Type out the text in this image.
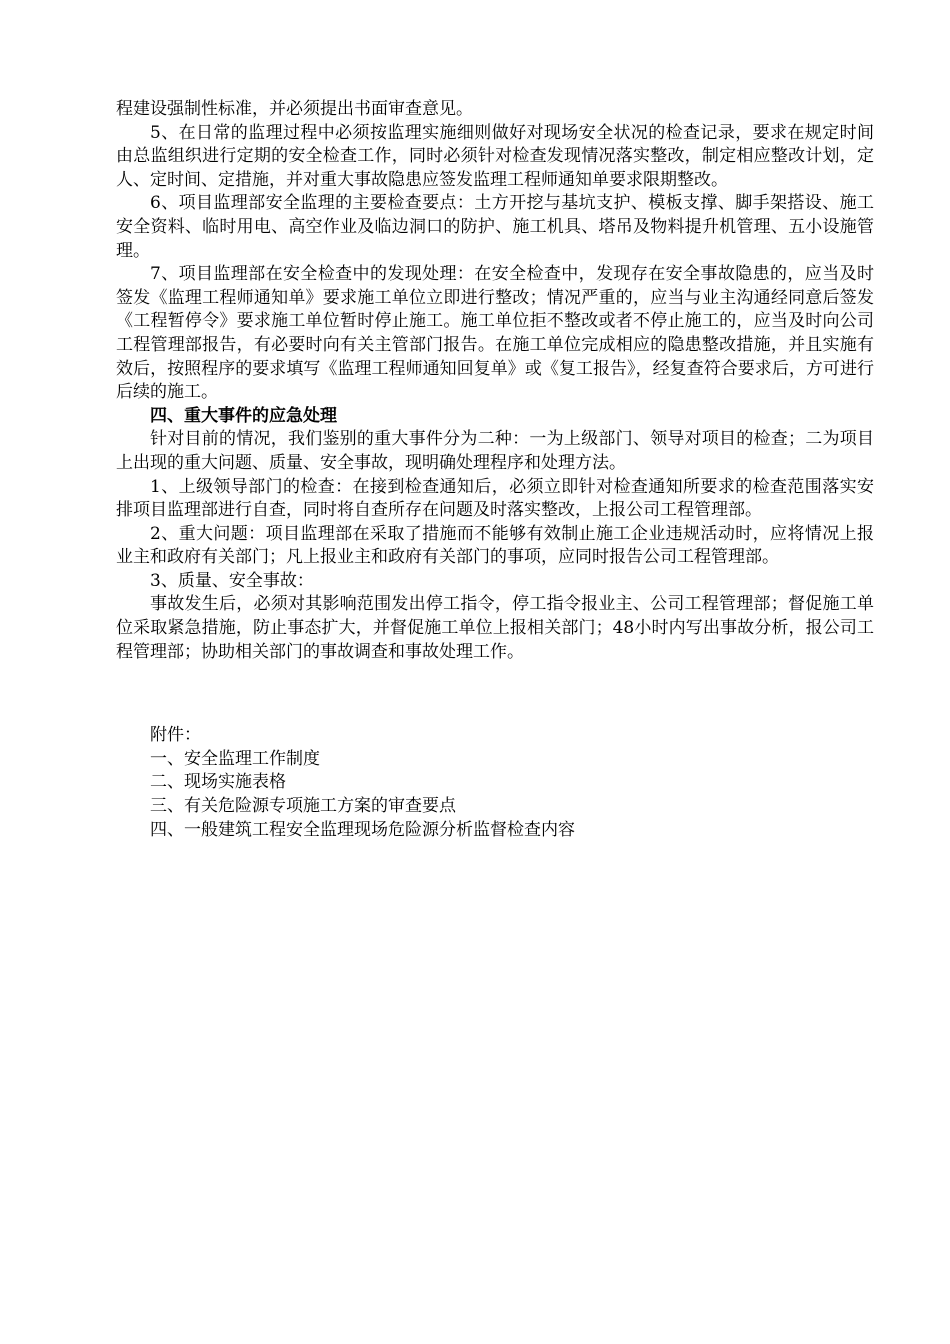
程建设强制性标准，并必须提出书面审查意见。

5、在日常的监理过程中必须按监理实施细则做好对现场安全状况的检查记录，要求在规定时间由总监组织进行定期的安全检查工作，同时必须针对检查发现情况落实整改，制定相应整改计划，定人、定时间、定措施，并对重大事故隐患应签发监理工程师通知单要求限期整改。

6、项目监理部安全监理的主要检查要点：土方开挖与基坑支护、模板支撑、脚手架搭设、施工安全资料、临时用电、高空作业及临边洞口的防护、施工机具、塔吊及物料提升机管理、五小设施管理。

7、项目监理部在安全检查中的发现处理：在安全检查中，发现存在安全事故隐患的，应当及时签发《监理工程师通知单》要求施工单位立即进行整改；情况严重的，应当与业主沟通经同意后签发《工程暂停令》要求施工单位暂时停止施工。施工单位拒不整改或者不停止施工的，应当及时向公司工程管理部报告，有必要时向有关主管部门报告。在施工单位完成相应的隐患整改措施，并且实施有效后，按照程序的要求填写《监理工程师通知回复单》或《复工报告》，经复查符合要求后，方可进行后续的施工。

四、重大事件的应急处理

针对目前的情况，我们鉴别的重大事件分为二种：一为上级部门、领导对项目的检查；二为项目上出现的重大问题、质量、安全事故，现明确处理程序和处理方法。

1、上级领导部门的检查：在接到检查通知后，必须立即针对检查通知所要求的检查范围落实安排项目监理部进行自查，同时将自查所存在问题及时落实整改，上报公司工程管理部。

2、重大问题：项目监理部在采取了措施而不能够有效制止施工企业违规活动时，应将情况上报业主和政府有关部门；凡上报业主和政府有关部门的事项，应同时报告公司工程管理部。

3、质量、安全事故：

事故发生后，必须对其影响范围发出停工指令，停工指令报业主、公司工程管理部；督促施工单位采取紧急措施，防止事态扩大，并督促施工单位上报相关部门；48小时内写出事故分析，报公司工程管理部；协助相关部门的事故调查和事故处理工作。

附件：

一、安全监理工作制度

二、现场实施表格

三、有关危险源专项施工方案的审查要点

四、一般建筑工程安全监理现场危险源分析监督检查内容
